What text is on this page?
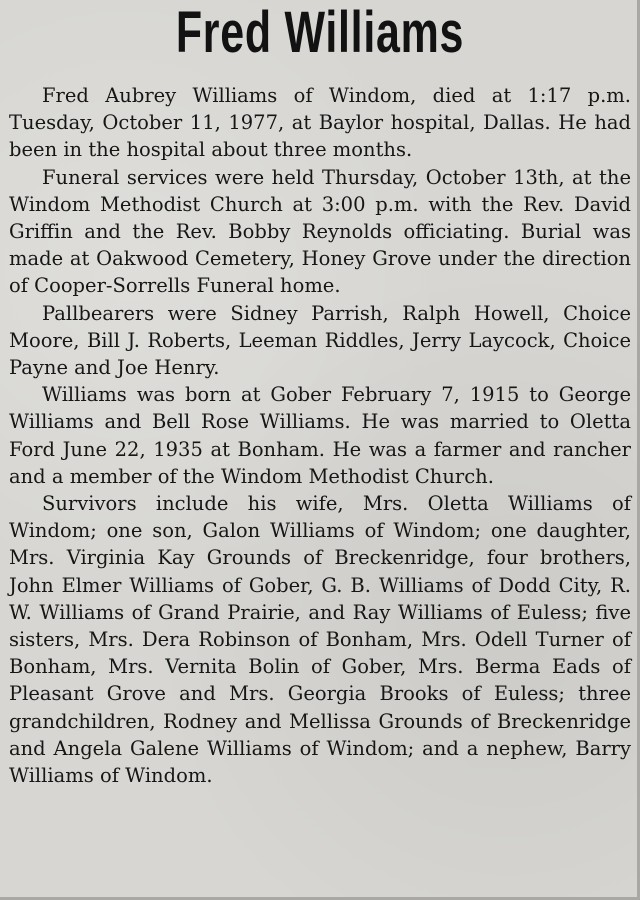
Fred Williams

Fred Aubrey Williams of Windom, died at 1:17 p.m. Tuesday, October 11, 1977, at Baylor hospital, Dallas. He had been in the hospital about three months.

Funeral services were held Thursday, October 13th, at the Windom Methodist Church at 3:00 p.m. with the Rev. David Griffin and the Rev. Bobby Reynolds officiating. Burial was made at Oakwood Cemetery, Honey Grove under the direction of Cooper-Sorrells Funeral home.

Pallbearers were Sidney Parrish, Ralph Howell, Choice Moore, Bill J. Roberts, Leeman Riddles, Jerry Laycock, Choice Payne and Joe Henry.

Williams was born at Gober February 7, 1915 to George Williams and Bell Rose Williams. He was married to Oletta Ford June 22, 1935 at Bonham. He was a farmer and rancher and a member of the Windom Methodist Church.

Survivors include his wife, Mrs. Oletta Williams of Windom; one son, Galon Williams of Windom; one daughter, Mrs. Virginia Kay Grounds of Breckenridge, four brothers, John Elmer Williams of Gober, G. B. Williams of Dodd City, R. W. Williams of Grand Prairie, and Ray Williams of Euless; five sisters, Mrs. Dera Robinson of Bonham, Mrs. Odell Turner of Bonham, Mrs. Vernita Bolin of Gober, Mrs. Berma Eads of Pleasant Grove and Mrs. Georgia Brooks of Euless; three grandchildren, Rodney and Mellissa Grounds of Breckenridge and Angela Galene Williams of Windom; and a nephew, Barry Williams of Windom.
